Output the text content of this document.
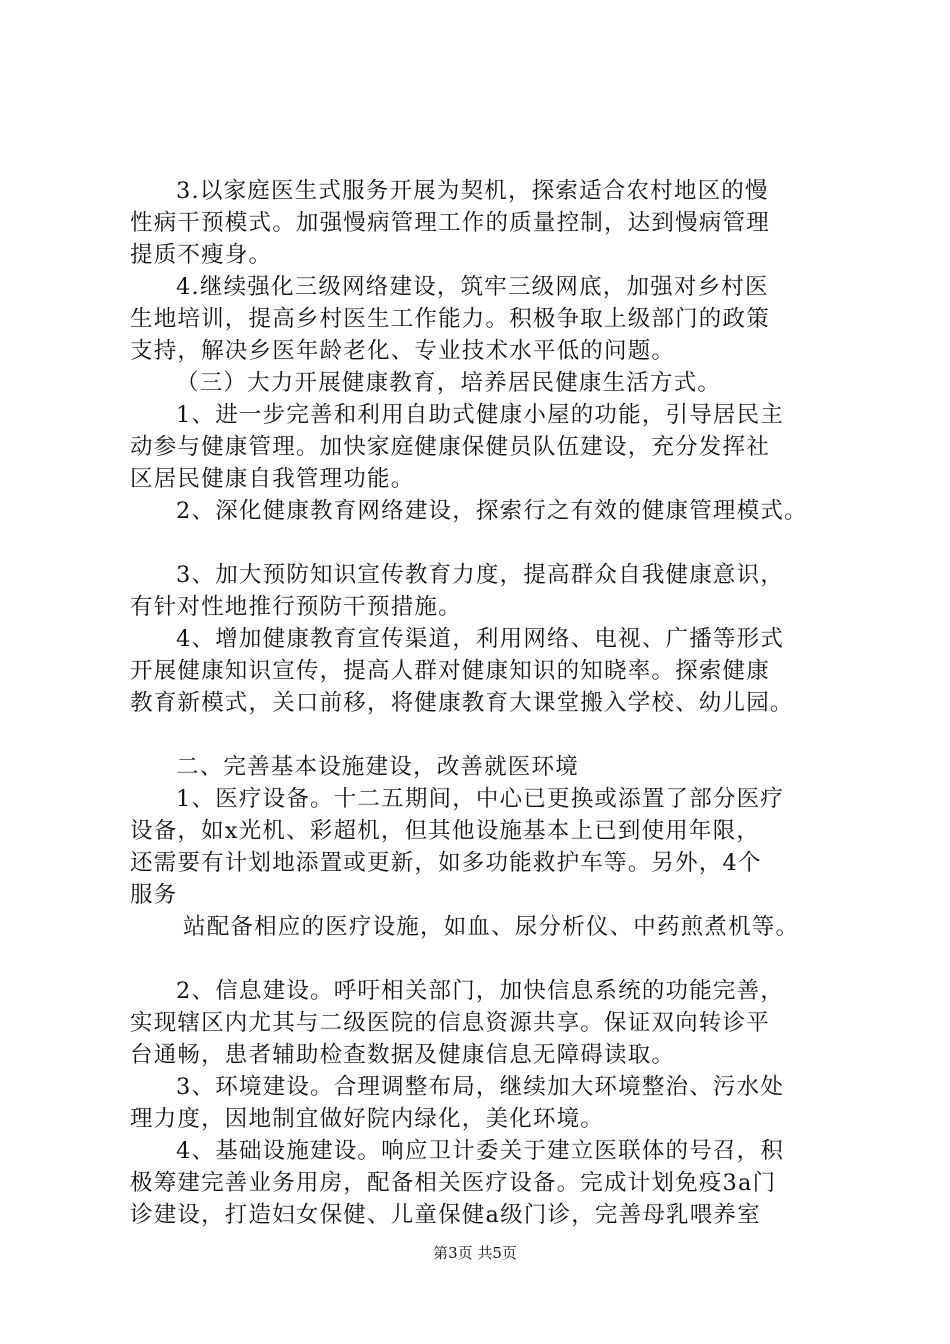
3.以家庭医生式服务开展为契机，探索适合农村地区的慢
性病干预模式。加强慢病管理工作的质量控制，达到慢病管理
提质不瘦身。
4.继续强化三级网络建设，筑牢三级网底，加强对乡村医
生地培训，提高乡村医生工作能力。积极争取上级部门的政策
支持，解决乡医年龄老化、专业技术水平低的问题。
（三）大力开展健康教育，培养居民健康生活方式。
1、进一步完善和利用自助式健康小屋的功能，引导居民主
动参与健康管理。加快家庭健康保健员队伍建设，充分发挥社
区居民健康自我管理功能。
2、深化健康教育网络建设，探索行之有效的健康管理模式。
3、加大预防知识宣传教育力度，提高群众自我健康意识，
有针对性地推行预防干预措施。
4、增加健康教育宣传渠道，利用网络、电视、广播等形式
开展健康知识宣传，提高人群对健康知识的知晓率。探索健康
教育新模式，关口前移，将健康教育大课堂搬入学校、幼儿园。
二、完善基本设施建设，改善就医环境
1、医疗设备。十二五期间，中心已更换或添置了部分医疗
设备，如x光机、彩超机，但其他设施基本上已到使用年限，
还需要有计划地添置或更新，如多功能救护车等。另外，4个
服务
站配备相应的医疗设施，如血、尿分析仪、中药煎煮机等。
2、信息建设。呼吁相关部门，加快信息系统的功能完善，
实现辖区内尤其与二级医院的信息资源共享。保证双向转诊平
台通畅，患者辅助检查数据及健康信息无障碍读取。
3、环境建设。合理调整布局，继续加大环境整治、污水处
理力度，因地制宜做好院内绿化，美化环境。
4、基础设施建设。响应卫计委关于建立医联体的号召，积
极筹建完善业务用房，配备相关医疗设备。完成计划免疫3a门
诊建设，打造妇女保健、儿童保健a级门诊，完善母乳喂养室
第3页 共5页
